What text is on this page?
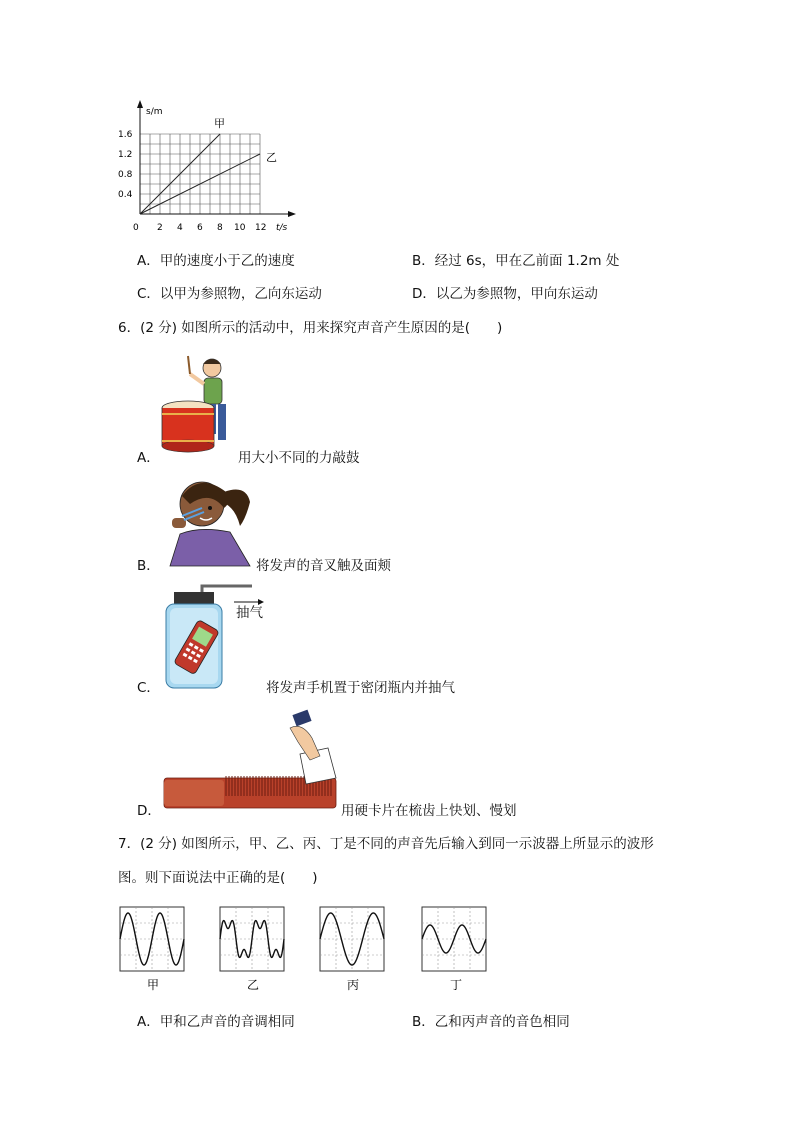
s/m
t/s
甲
乙
1.6
1.2
0.8
0.4
0 2 4 6 8 10 12
A．甲的速度小于乙的速度	B．经过 6s，甲在乙前面 1.2m 处
C．以甲为参照物，乙向东运动	D．以乙为参照物，甲向东运动
6．(2 分) 如图所示的活动中，用来探究声音产生原因的是(　　)
A．	用大小不同的力敲鼓
B．	将发声的音叉触及面颊
抽气
C．	将发声手机置于密闭瓶内并抽气
D．	用硬卡片在梳齿上快划、慢划
7．(2 分) 如图所示，甲、乙、丙、丁是不同的声音先后输入到同一示波器上所显示的波形
图。则下面说法中正确的是(　　)
甲	乙	丙	丁
A．甲和乙声音的音调相同	B．乙和丙声音的音色相同
